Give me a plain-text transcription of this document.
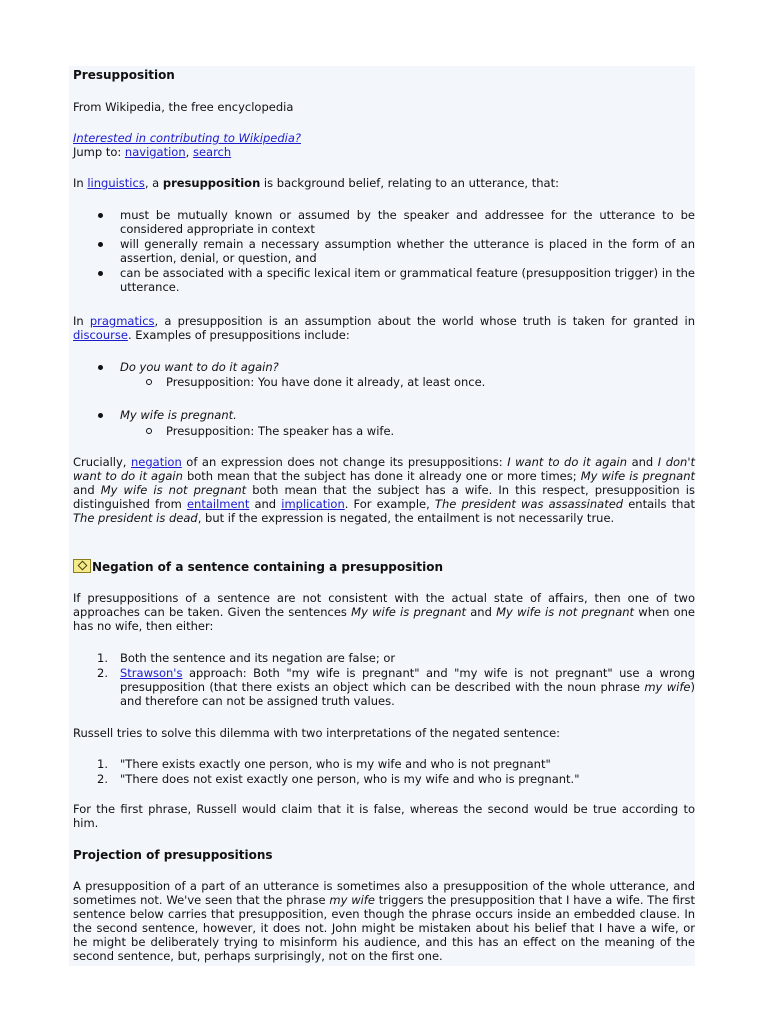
Presupposition

From Wikipedia, the free encyclopedia

Interested in contributing to Wikipedia?

Jump to: navigation, search

In linguistics, a presupposition is background belief, relating to an utterance, that:

must be mutually known or assumed by the speaker and addressee for the utterance to be considered appropriate in context
will generally remain a necessary assumption whether the utterance is placed in the form of an assertion, denial, or question, and
can be associated with a specific lexical item or grammatical feature (presupposition trigger) in the utterance.

In pragmatics, a presupposition is an assumption about the world whose truth is taken for granted in discourse. Examples of presuppositions include:

Do you want to do it again?
Presupposition: You have done it already, at least once.
My wife is pregnant.
Presupposition: The speaker has a wife.

Crucially, negation of an expression does not change its presuppositions: I want to do it again and I don't want to do it again both mean that the subject has done it already one or more times; My wife is pregnant and My wife is not pregnant both mean that the subject has a wife. In this respect, presupposition is distinguished from entailment and implication. For example, The president was assassinated entails that The president is dead, but if the expression is negated, the entailment is not necessarily true.

Negation of a sentence containing a presupposition

If presuppositions of a sentence are not consistent with the actual state of affairs, then one of two approaches can be taken. Given the sentences My wife is pregnant and My wife is not pregnant when one has no wife, then either:

1. Both the sentence and its negation are false; or
2. Strawson's approach: Both "my wife is pregnant" and "my wife is not pregnant" use a wrong presupposition (that there exists an object which can be described with the noun phrase my wife) and therefore can not be assigned truth values.

Russell tries to solve this dilemma with two interpretations of the negated sentence:

1. "There exists exactly one person, who is my wife and who is not pregnant"
2. "There does not exist exactly one person, who is my wife and who is pregnant."

For the first phrase, Russell would claim that it is false, whereas the second would be true according to him.

Projection of presuppositions

A presupposition of a part of an utterance is sometimes also a presupposition of the whole utterance, and sometimes not. We've seen that the phrase my wife triggers the presupposition that I have a wife. The first sentence below carries that presupposition, even though the phrase occurs inside an embedded clause. In the second sentence, however, it does not. John might be mistaken about his belief that I have a wife, or he might be deliberately trying to misinform his audience, and this has an effect on the meaning of the second sentence, but, perhaps surprisingly, not on the first one.
